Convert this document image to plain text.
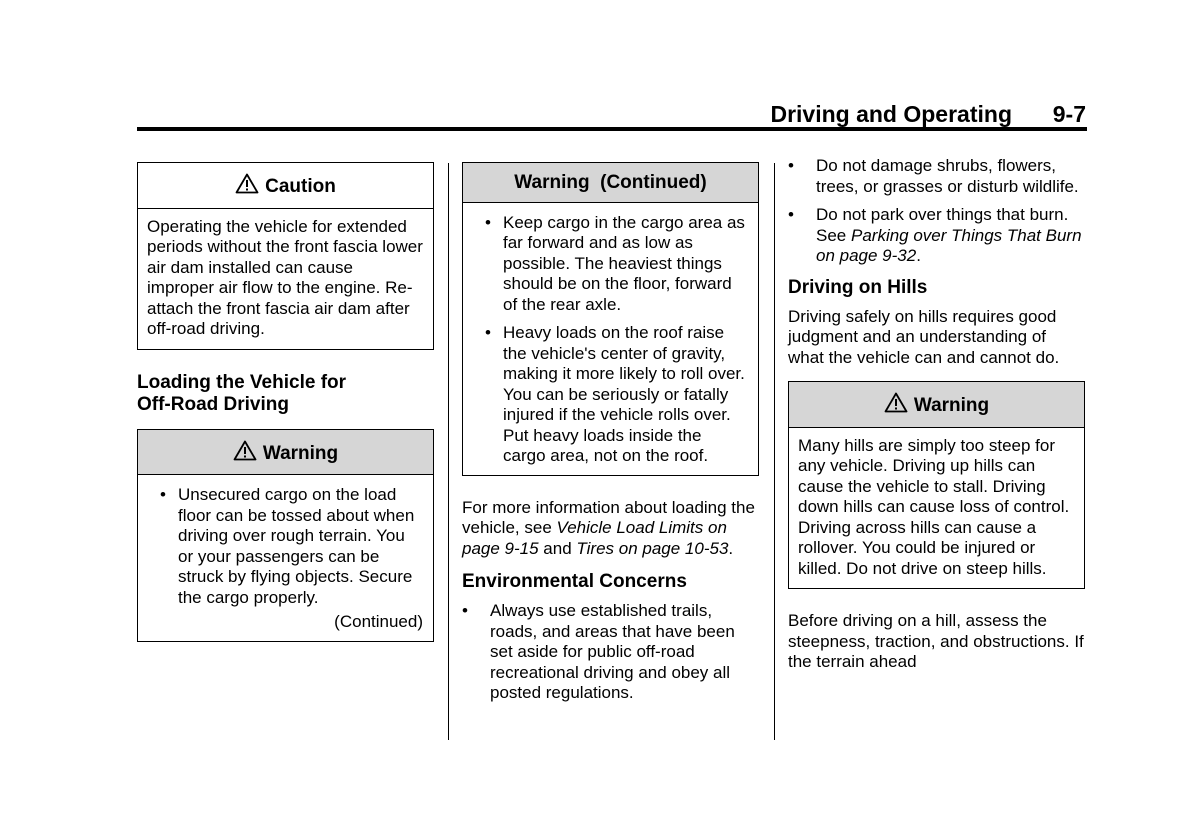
Driving and Operating 9-7
Caution
Operating the vehicle for extended periods without the front fascia lower air dam installed can cause improper air flow to the engine. Re-attach the front fascia air dam after off-road driving.
Loading the Vehicle for
Off-Road Driving
Warning
• Unsecured cargo on the load floor can be tossed about when driving over rough terrain. You or your passengers can be struck by flying objects. Secure the cargo properly.
(Continued)
Warning  (Continued)
• Keep cargo in the cargo area as far forward and as low as possible. The heaviest things should be on the floor, forward of the rear axle.
• Heavy loads on the roof raise the vehicle's center of gravity, making it more likely to roll over. You can be seriously or fatally injured if the vehicle rolls over. Put heavy loads inside the cargo area, not on the roof.

For more information about loading the vehicle, see Vehicle Load Limits on page 9-15 and Tires on page 10-53.

Environmental Concerns
• Always use established trails, roads, and areas that have been set aside for public off-road recreational driving and obey all posted regulations.
• Do not damage shrubs, flowers, trees, or grasses or disturb wildlife.
• Do not park over things that burn. See Parking over Things That Burn on page 9-32.
Driving on Hills

Driving safely on hills requires good judgment and an understanding of what the vehicle can and cannot do.

Warning
Many hills are simply too steep for any vehicle. Driving up hills can cause the vehicle to stall. Driving down hills can cause loss of control. Driving across hills can cause a rollover. You could be injured or killed. Do not drive on steep hills.

Before driving on a hill, assess the steepness, traction, and obstructions. If the terrain ahead
